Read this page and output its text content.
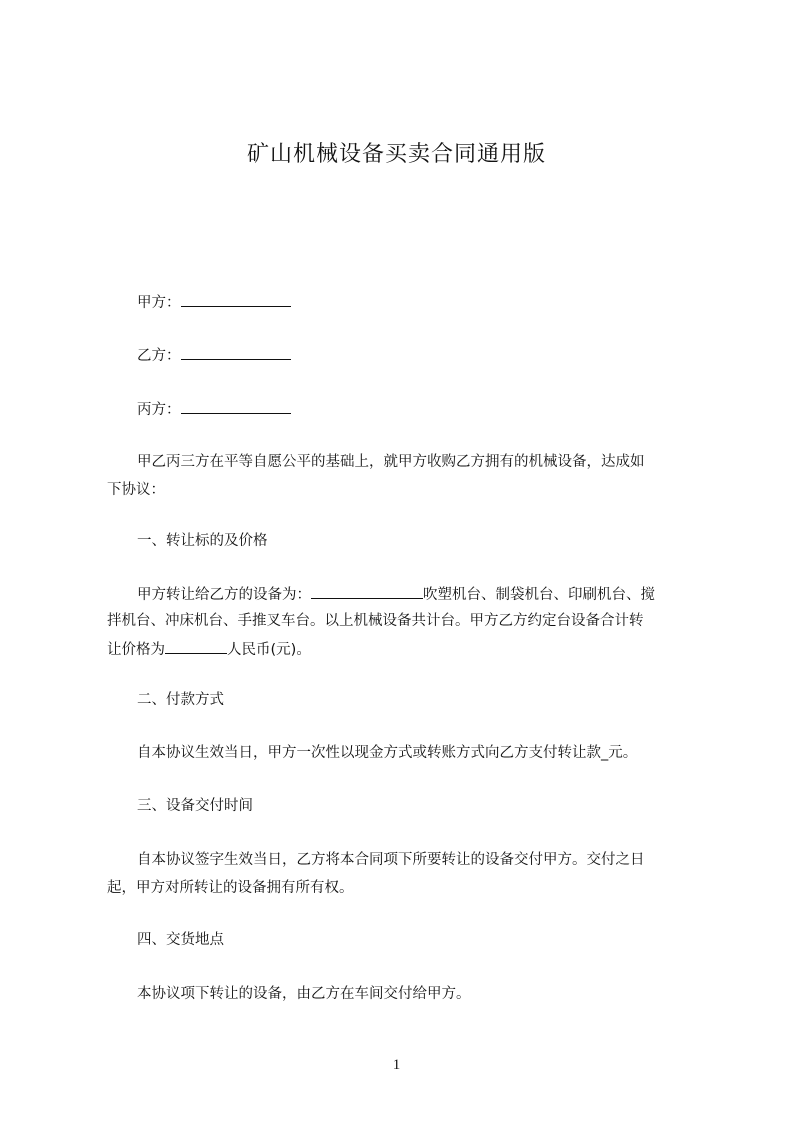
矿山机械设备买卖合同通用版
甲方：
乙方：
丙方：
甲乙丙三方在平等自愿公平的基础上，就甲方收购乙方拥有的机械设备，达成如
下协议：
一、转让标的及价格
甲方转让给乙方的设备为：	吹塑机台、制袋机台、印刷机台、搅
拌机台、冲床机台、手推叉车台。以上机械设备共计台。甲方乙方约定台设备合计转
让价格为	人民币(元)。
二、付款方式
自本协议生效当日，甲方一次性以现金方式或转账方式向乙方支付转让款_元。
三、设备交付时间
自本协议签字生效当日，乙方将本合同项下所要转让的设备交付甲方。交付之日
起，甲方对所转让的设备拥有所有权。
四、交货地点
本协议项下转让的设备，由乙方在车间交付给甲方。
1
